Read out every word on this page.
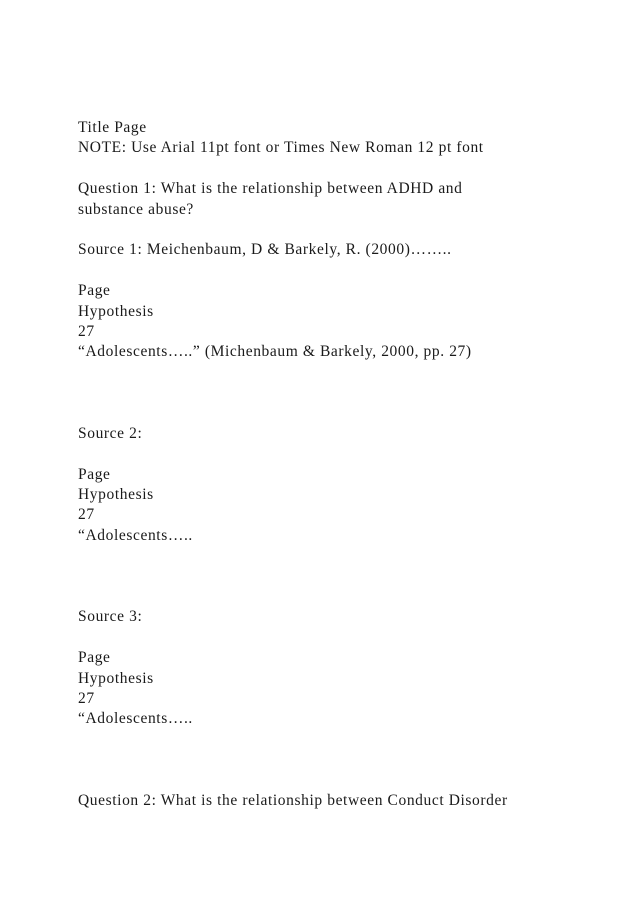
Title Page
NOTE: Use Arial 11pt font or Times New Roman 12 pt font
Question 1: What is the relationship between ADHD and
substance abuse?
Source 1: Meichenbaum, D & Barkely, R. (2000)……..
Page
Hypothesis
27
“Adolescents…..” (Michenbaum & Barkely, 2000, pp. 27)
Source 2:
Page
Hypothesis
27
“Adolescents…..
Source 3:
Page
Hypothesis
27
“Adolescents…..
Question 2: What is the relationship between Conduct Disorder
